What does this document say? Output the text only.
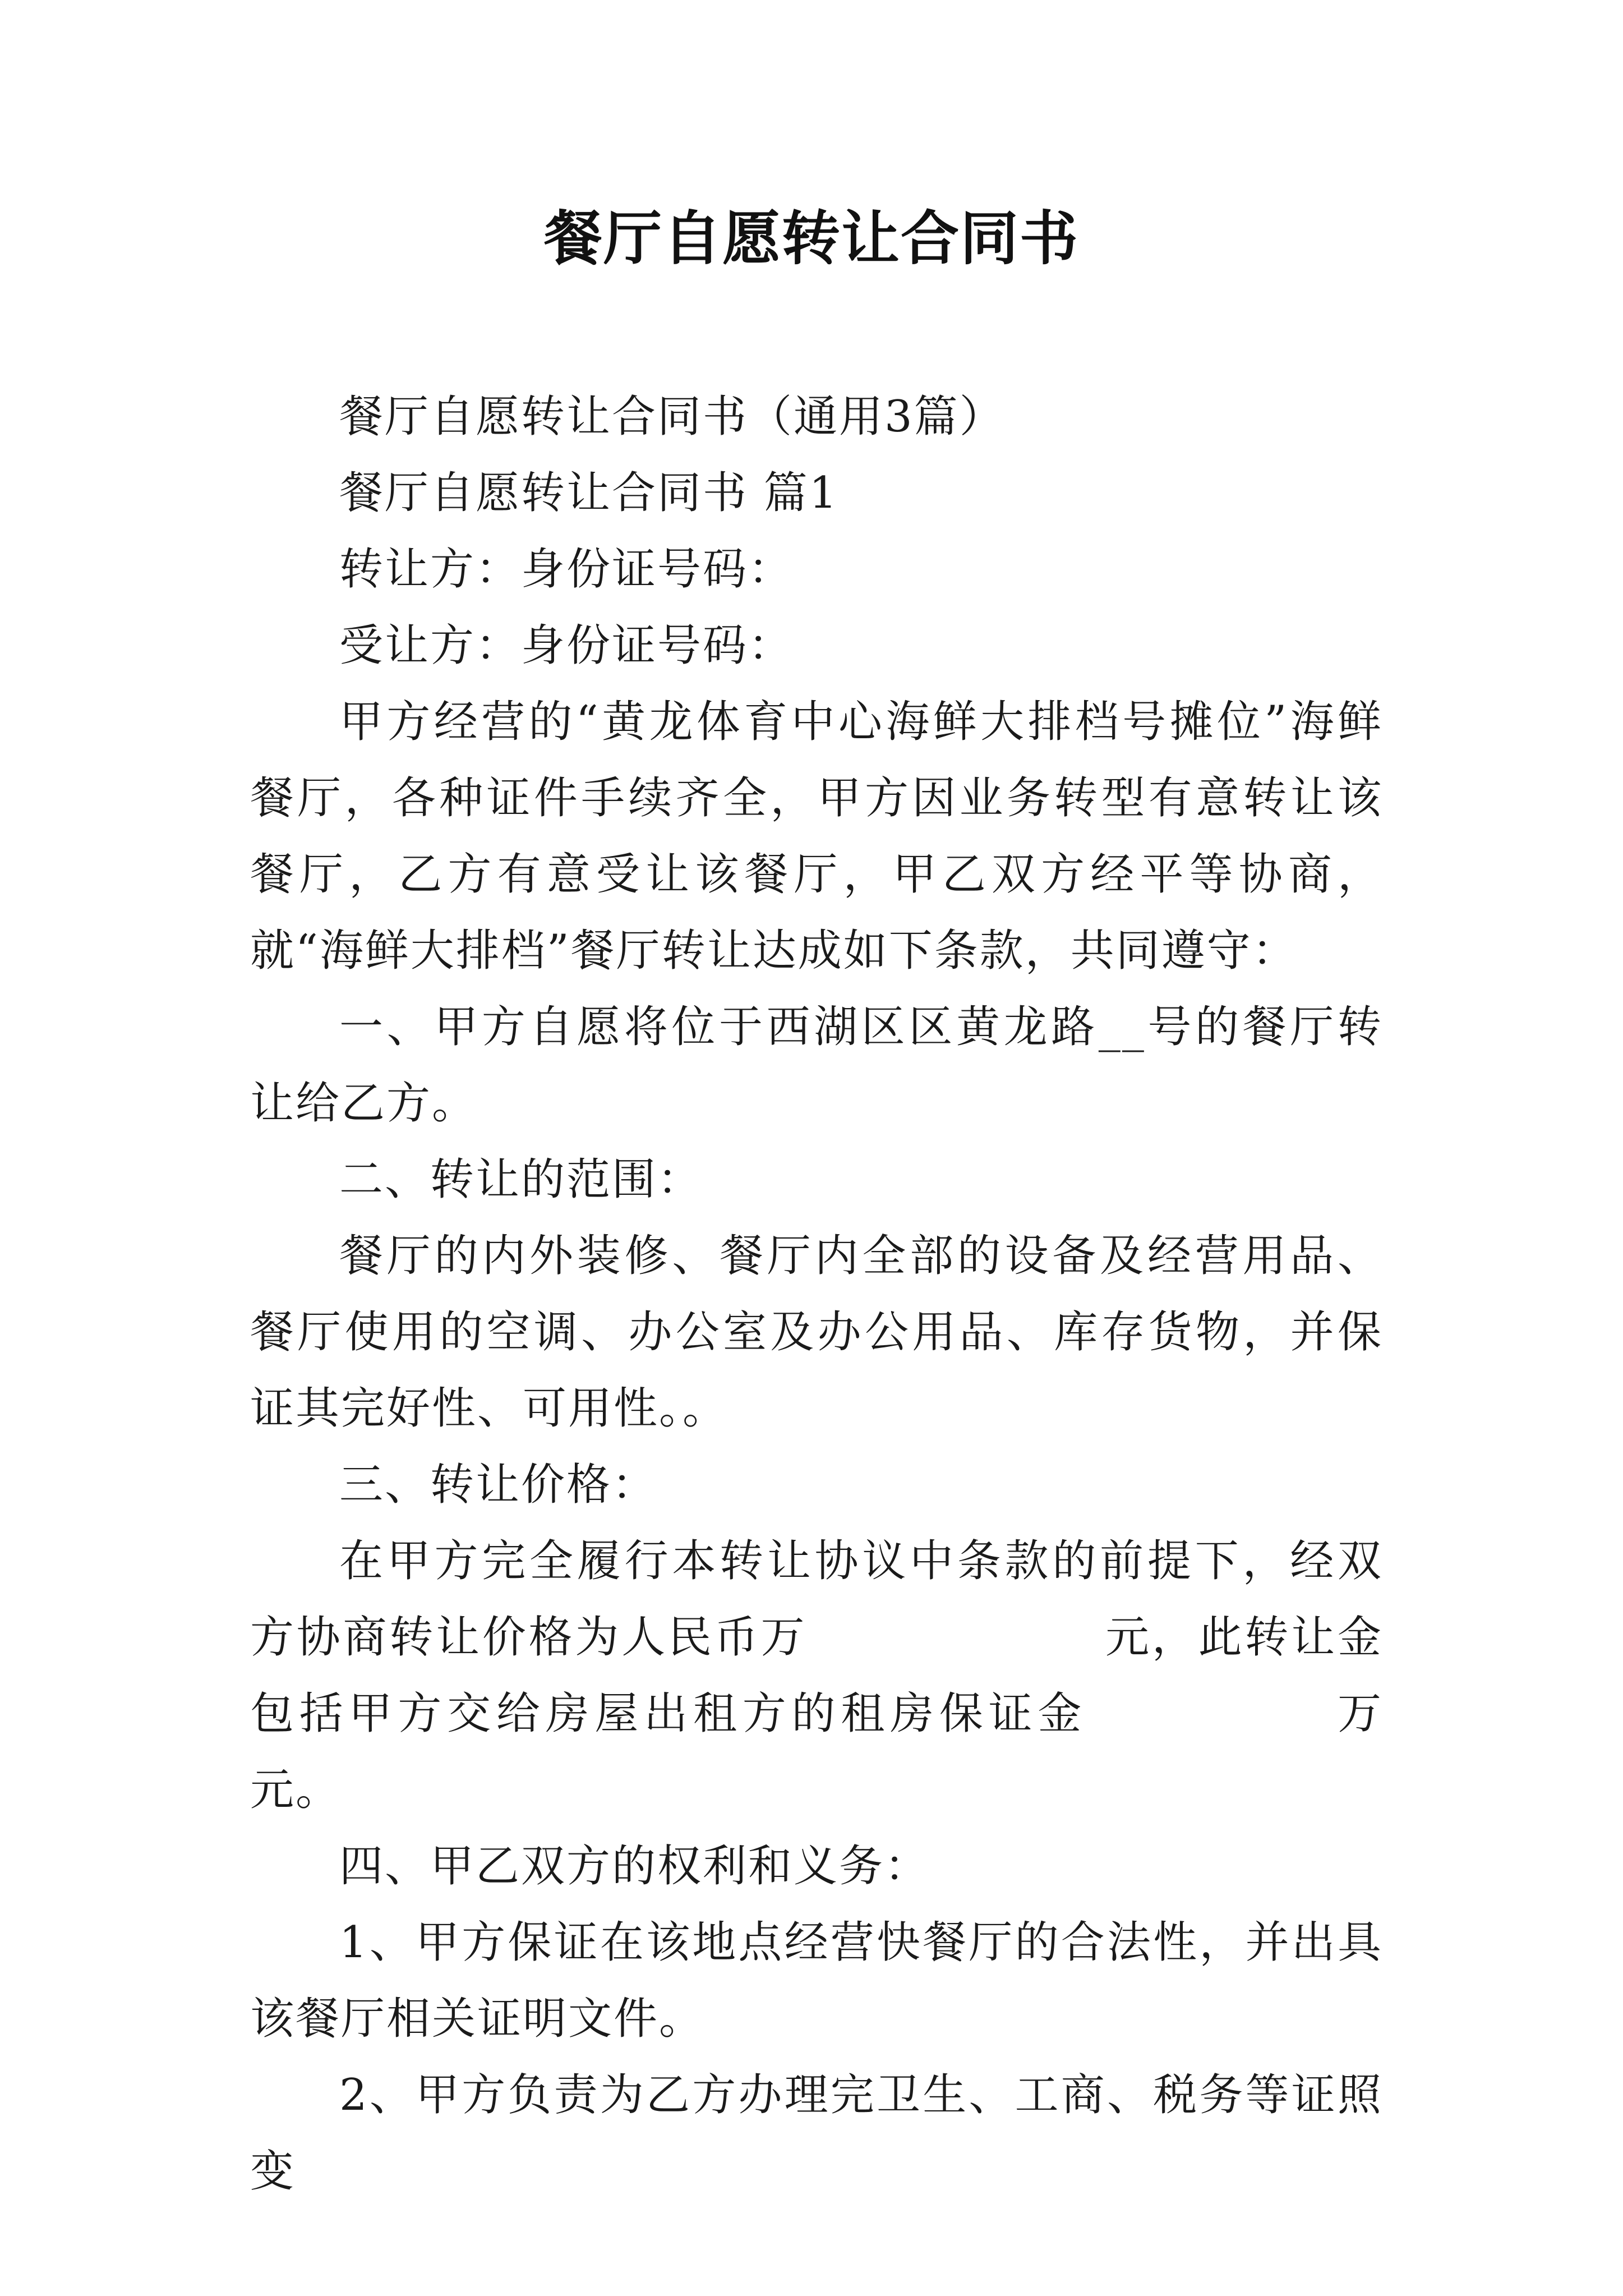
餐厅自愿转让合同书

餐厅自愿转让合同书（通用3篇）

餐厅自愿转让合同书 篇1

转让方：身份证号码：

受让方：身份证号码：

甲方经营的“黄龙体育中心海鲜大排档号摊位”海鲜餐厅，各种证件手续齐全，甲方因业务转型有意转让该餐厅，乙方有意受让该餐厅，甲乙双方经平等协商，就“海鲜大排档”餐厅转让达成如下条款，共同遵守：

一、甲方自愿将位于西湖区区黄龙路__号的餐厅转让给乙方。

二、转让的范围：

餐厅的内外装修、餐厅内全部的设备及经营用品、餐厅使用的空调、办公室及办公用品、库存货物，并保证其完好性、可用性。。

三、转让价格：

在甲方完全履行本转让协议中条款的前提下，经双方协商转让价格为人民币万	元，此转让金包括甲方交给房屋出租方的租房保证金	万元。

四、甲乙双方的权利和义务：

1、甲方保证在该地点经营快餐厅的合法性，并出具该餐厅相关证明文件。

2、甲方负责为乙方办理完卫生、工商、税务等证照变
